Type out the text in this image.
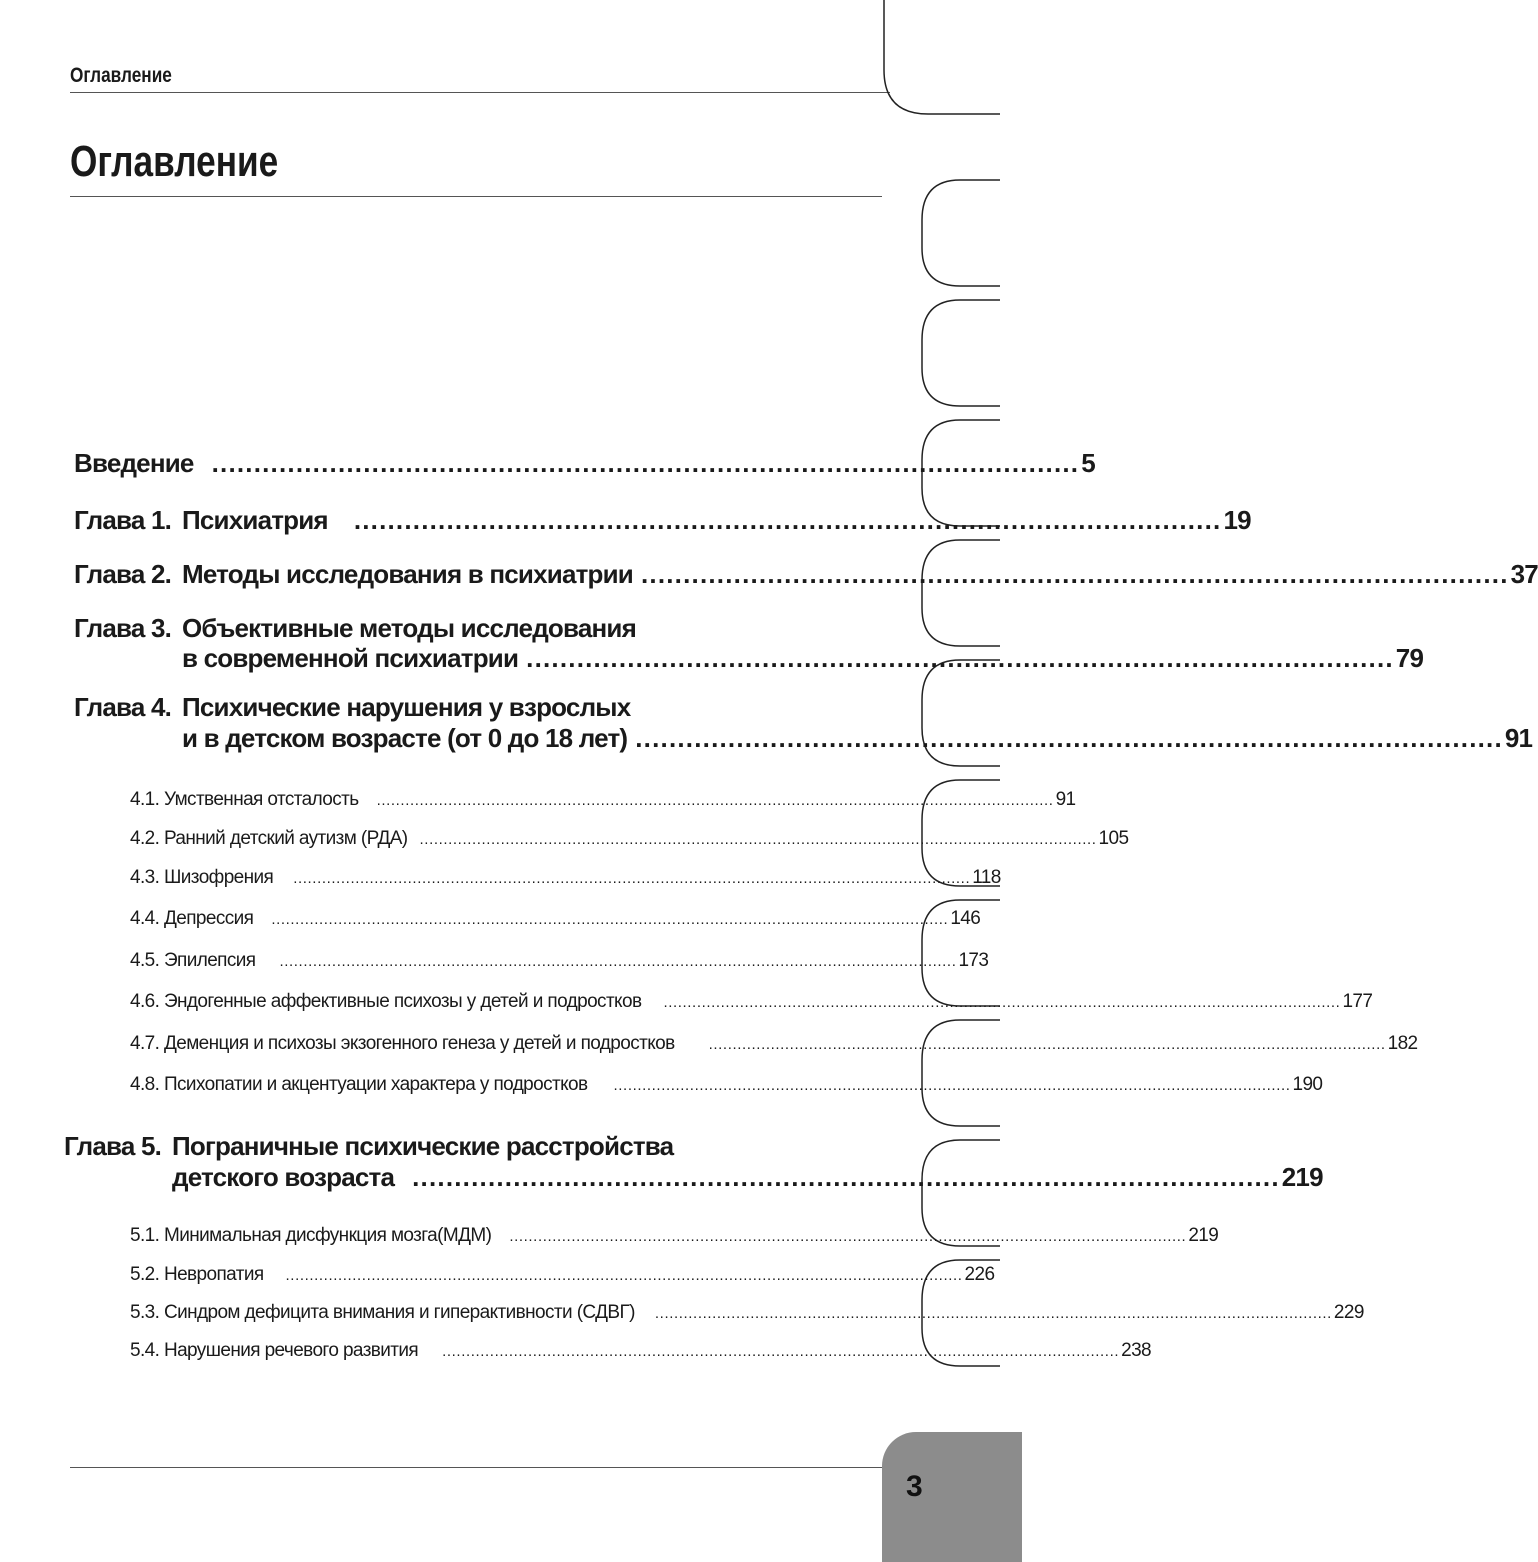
Оглавление
Оглавление
Введение ....................................................................................................... 5
Глава 1. Психиатрия ....................................................................................................... 19
Глава 2. Методы исследования в психиатрии ....................................................................................................... 37
Глава 3. Объективные методы исследования
в современной психиатрии ....................................................................................................... 79
Глава 4. Психические нарушения у взрослых
и в детском возрасте (от 0 до 18 лет) ....................................................................................................... 91
4.1. Умственная отсталость .............................................................................................................................................. 91
4.2. Ранний детский аутизм (РДА) .............................................................................................................................................. 105
4.3. Шизофрения .............................................................................................................................................. 118
4.4. Депрессия .............................................................................................................................................. 146
4.5. Эпилепсия .............................................................................................................................................. 173
4.6. Эндогенные аффективные психозы у детей и подростков .............................................................................................................................................. 177
4.7. Деменция и психозы экзогенного генеза у детей и подростков .............................................................................................................................................. 182
4.8. Психопатии и акцентуации характера у подростков .............................................................................................................................................. 190
Глава 5. Пограничные психические расстройства
детского возраста ....................................................................................................... 219
5.1. Минимальная дисфункция мозга(МДМ) .............................................................................................................................................. 219
5.2. Невропатия .............................................................................................................................................. 226
5.3. Синдром дефицита внимания и гиперактивности (СДВГ) .............................................................................................................................................. 229
5.4. Нарушения речевого развития .............................................................................................................................................. 238
3
